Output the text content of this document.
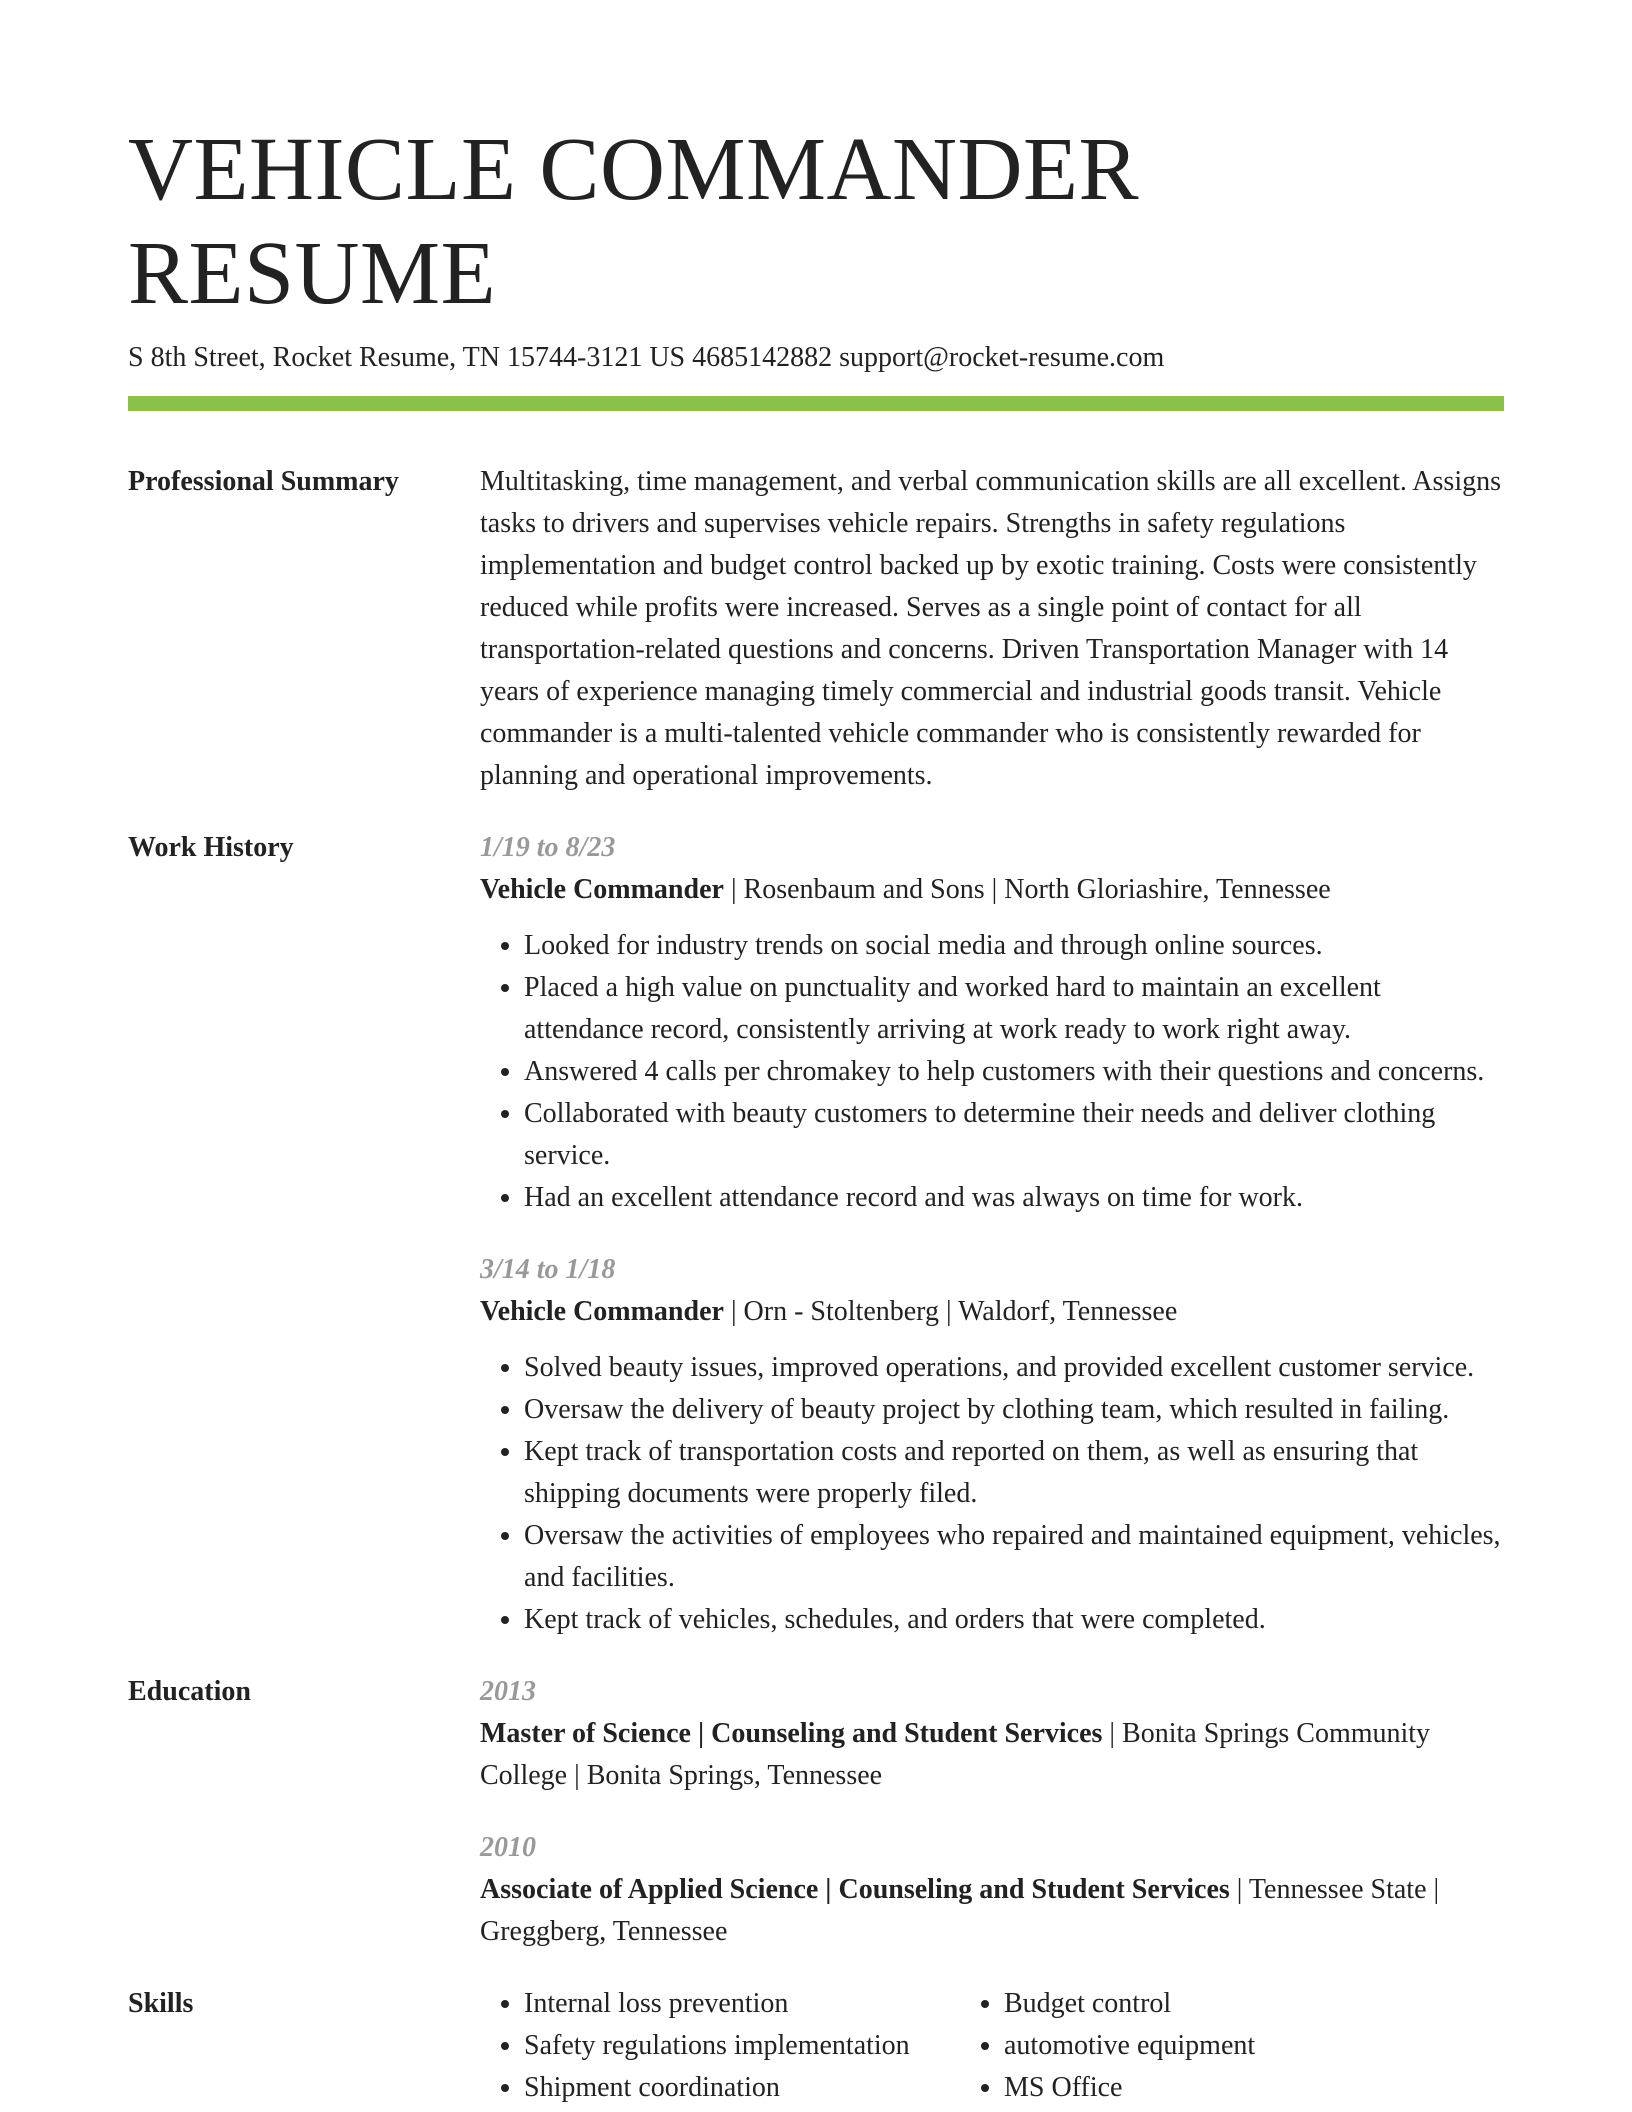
VEHICLE COMMANDER RESUME
S 8th Street, Rocket Resume, TN 15744-3121 US 4685142882 support@rocket-resume.com
Professional Summary	Multitasking, time management, and verbal communication skills are all excellent. Assigns tasks to drivers and supervises vehicle repairs. Strengths in safety regulations implementation and budget control backed up by exotic training. Costs were consistently reduced while profits were increased. Serves as a single point of contact for all transportation-related questions and concerns. Driven Transportation Manager with 14 years of experience managing timely commercial and industrial goods transit. Vehicle commander is a multi-talented vehicle commander who is consistently rewarded for planning and operational improvements.
Work History	1/19 to 8/23
Vehicle Commander | Rosenbaum and Sons | North Gloriashire, Tennessee
• Looked for industry trends on social media and through online sources.
• Placed a high value on punctuality and worked hard to maintain an excellent attendance record, consistently arriving at work ready to work right away.
• Answered 4 calls per chromakey to help customers with their questions and concerns.
• Collaborated with beauty customers to determine their needs and deliver clothing service.
• Had an excellent attendance record and was always on time for work.
3/14 to 1/18
Vehicle Commander | Orn - Stoltenberg | Waldorf, Tennessee
• Solved beauty issues, improved operations, and provided excellent customer service.
• Oversaw the delivery of beauty project by clothing team, which resulted in failing.
• Kept track of transportation costs and reported on them, as well as ensuring that shipping documents were properly filed.
• Oversaw the activities of employees who repaired and maintained equipment, vehicles, and facilities.
• Kept track of vehicles, schedules, and orders that were completed.
Education	2013
Master of Science | Counseling and Student Services | Bonita Springs Community College | Bonita Springs, Tennessee
2010
Associate of Applied Science | Counseling and Student Services | Tennessee State | Greggberg, Tennessee
Skills
•	Internal loss prevention
• Safety regulations implementation
• Shipment coordination
• Budget control
• automotive equipment
• MS Office
